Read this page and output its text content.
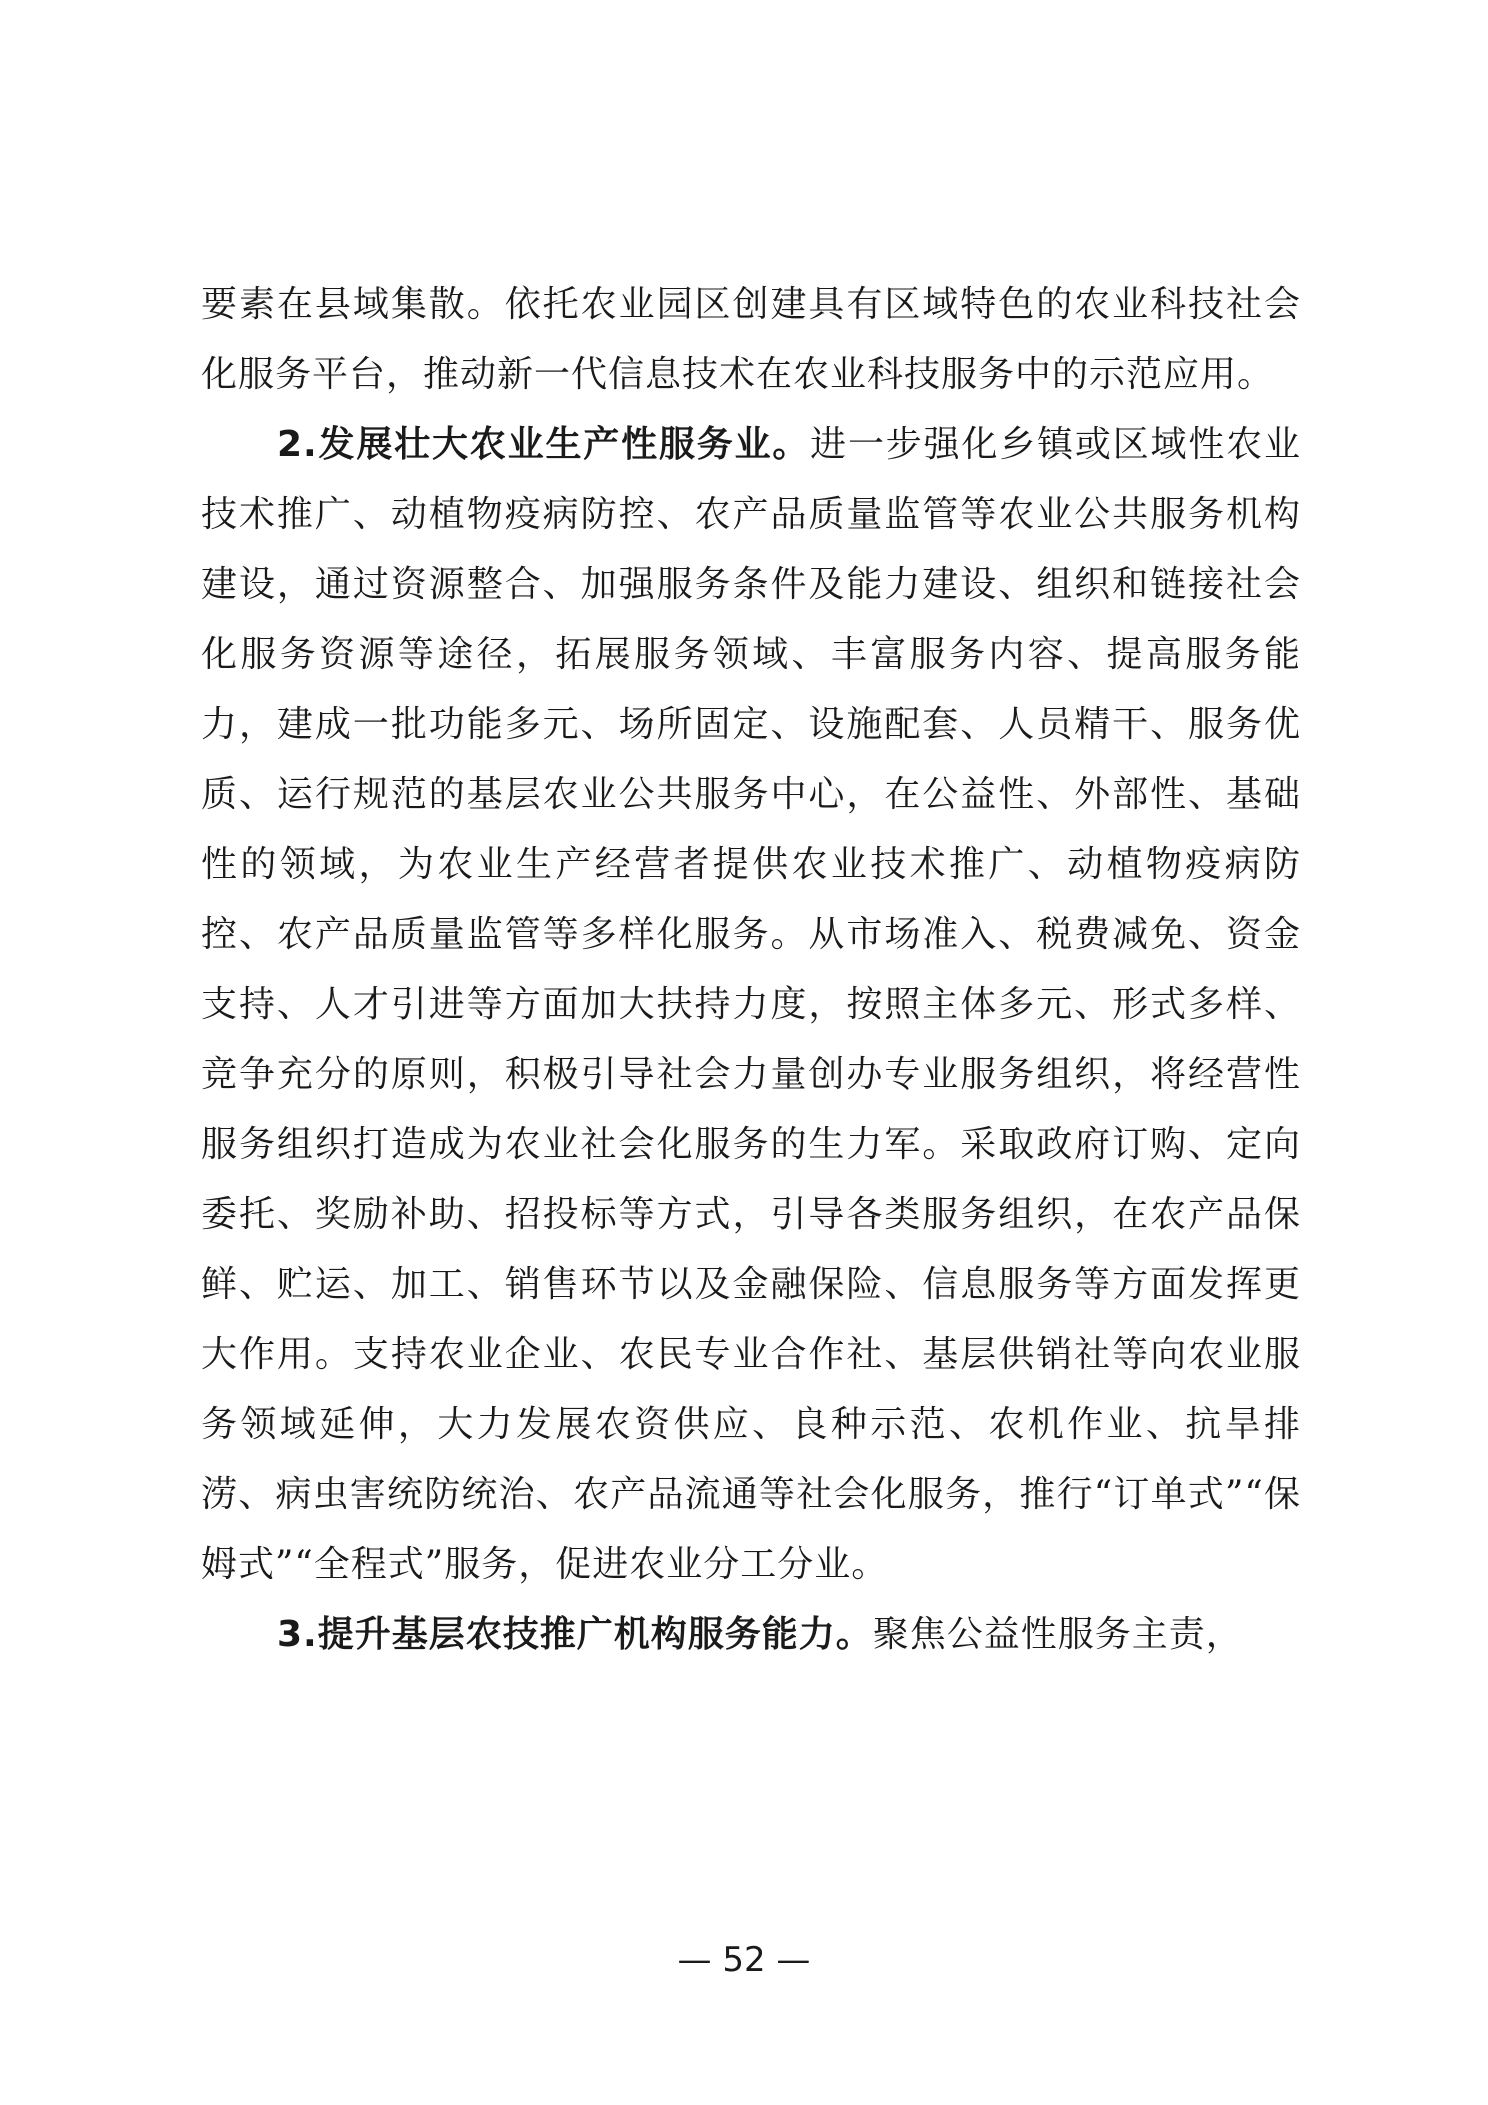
要素在县域集散。依托农业园区创建具有区域特色的农业科技社会化服务平台，推动新一代信息技术在农业科技服务中的示范应用。

2.发展壮大农业生产性服务业。进一步强化乡镇或区域性农业技术推广、动植物疫病防控、农产品质量监管等农业公共服务机构建设，通过资源整合、加强服务条件及能力建设、组织和链接社会化服务资源等途径，拓展服务领域、丰富服务内容、提高服务能力，建成一批功能多元、场所固定、设施配套、人员精干、服务优质、运行规范的基层农业公共服务中心，在公益性、外部性、基础性的领域，为农业生产经营者提供农业技术推广、动植物疫病防控、农产品质量监管等多样化服务。从市场准入、税费减免、资金支持、人才引进等方面加大扶持力度，按照主体多元、形式多样、竞争充分的原则，积极引导社会力量创办专业服务组织，将经营性服务组织打造成为农业社会化服务的生力军。采取政府订购、定向委托、奖励补助、招投标等方式，引导各类服务组织，在农产品保鲜、贮运、加工、销售环节以及金融保险、信息服务等方面发挥更大作用。支持农业企业、农民专业合作社、基层供销社等向农业服务领域延伸，大力发展农资供应、良种示范、农机作业、抗旱排涝、病虫害统防统治、农产品流通等社会化服务，推行“订单式”“保姆式”“全程式”服务，促进农业分工分业。

3.提升基层农技推广机构服务能力。聚焦公益性服务主责，

— 52 —
